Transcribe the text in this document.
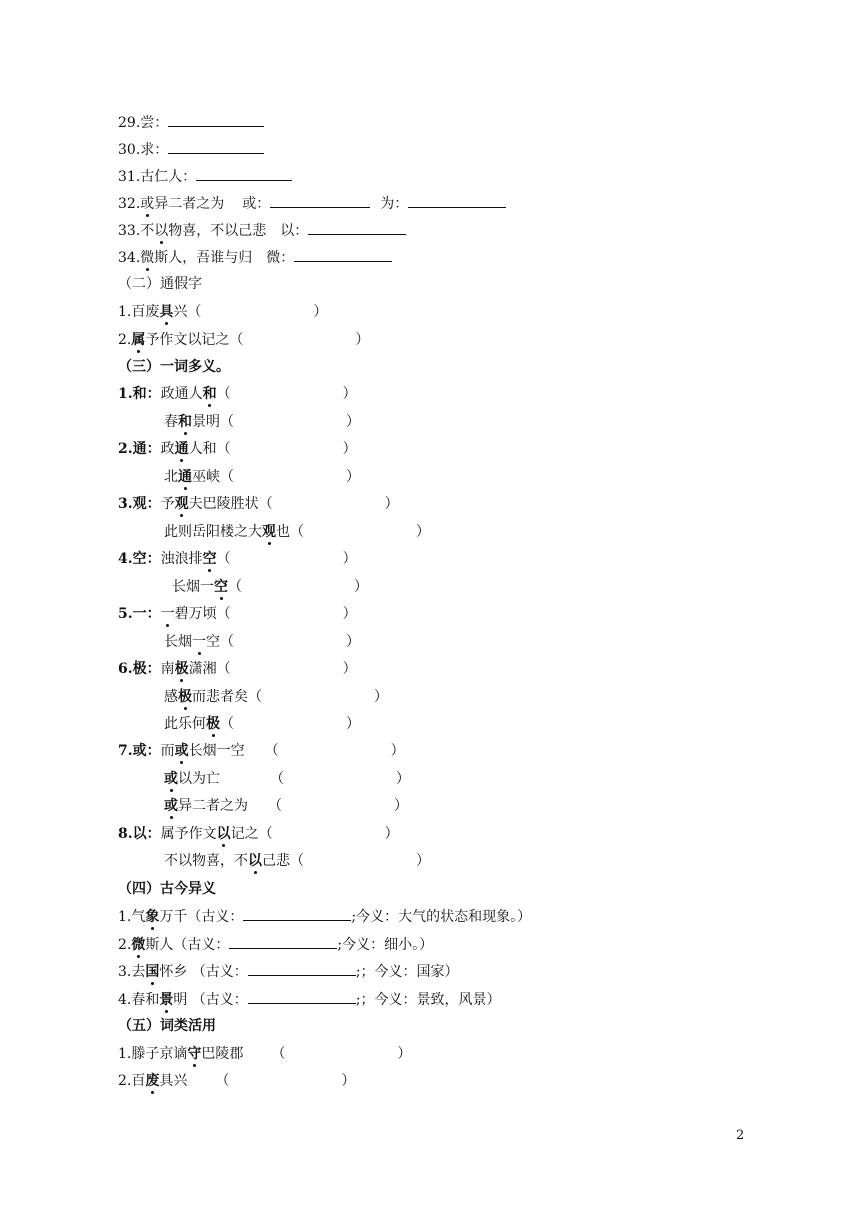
29.尝：
30.求：
31.古仁人：
32.或异二者之为 或：	为：
33.不以物喜，不以己悲 以：
34.微斯人，吾谁与归 微：
（二）通假字
1.百废具兴（	）
2.属予作文以记之（	）
（三）一词多义。
1.和：政通人和（	）
春和景明（	）
2.通：政通人和（	）
北通巫峡（	）
3.观：予观夫巴陵胜状（	）
此则岳阳楼之大观也（	）
4.空：浊浪排空（	）
长烟一空（	）
5.一：一碧万顷（	）
长烟一空（	）
6.极：南极潇湘（	）
感极而悲者矣（	）
此乐何极（	）
7.或：而或长烟一空 （	）
或以为亡	（	）
或异二者之为 （	）
8.以：属予作文以记之（	）
不以物喜，不以己悲（	）
（四）古今异义
1.气象万千（古义：	;今义：大气的状态和现象。）
2.微斯人（古义：	;今义：细小。）
3.去国怀乡 （古义：	;；今义：国家）
4.春和景明 （古义：	;；今义：景致，风景）
（五）词类活用
1.滕子京谪守巴陵郡 （	）
2.百废具兴 （	）
2
